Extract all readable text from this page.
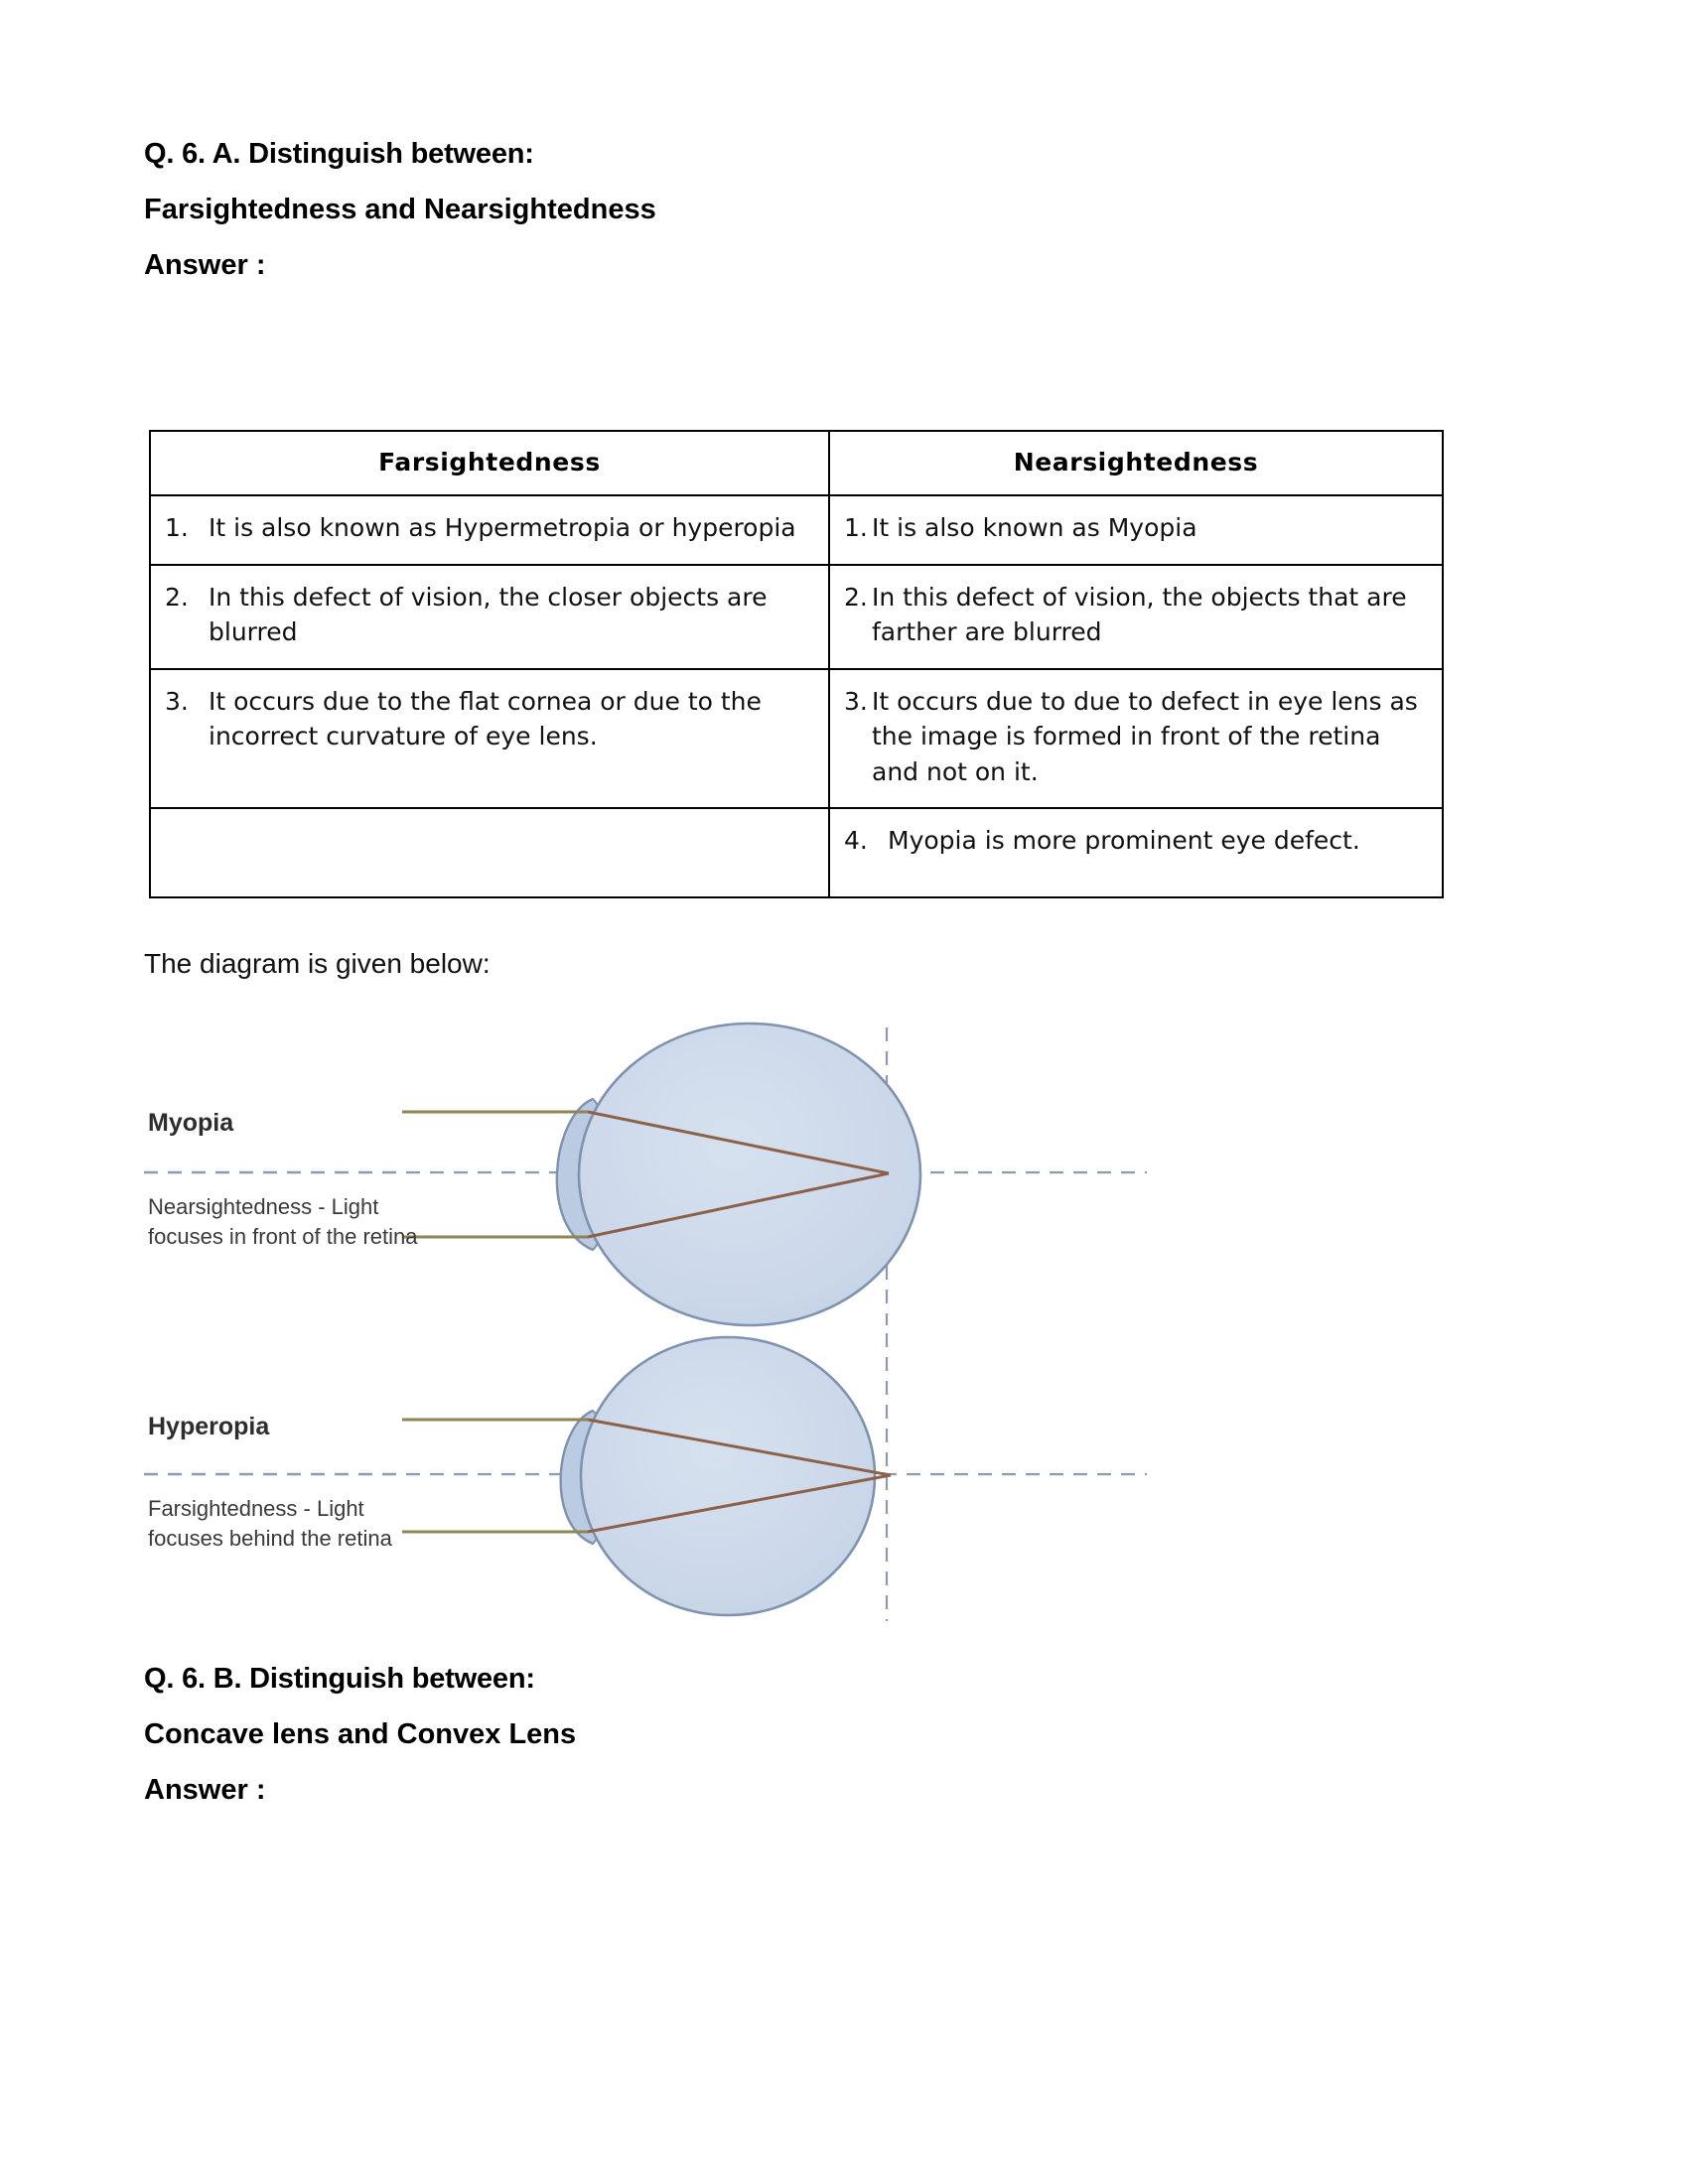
Q. 6. A. Distinguish between:
Farsightedness and Nearsightedness
Answer :
Farsightedness	Nearsightedness

1. It is also known as Hypermetropia or hyperopia	1. It is also known as Myopia

2. In this defect of vision, the closer objects are blurred	2. In this defect of vision, the objects that are farther are blurred

3. It occurs due to the flat cornea or due to the incorrect curvature of eye lens.	3. It occurs due to due to defect in eye lens as the image is formed in front of the retina and not on it.

	4. Myopia is more prominent eye defect.
The diagram is given below:
Myopia
Nearsightedness - Light
focuses in front of the retina
Hyperopia
Farsightedness - Light
focuses behind the retina
Q. 6. B. Distinguish between:
Concave lens and Convex Lens
Answer :
